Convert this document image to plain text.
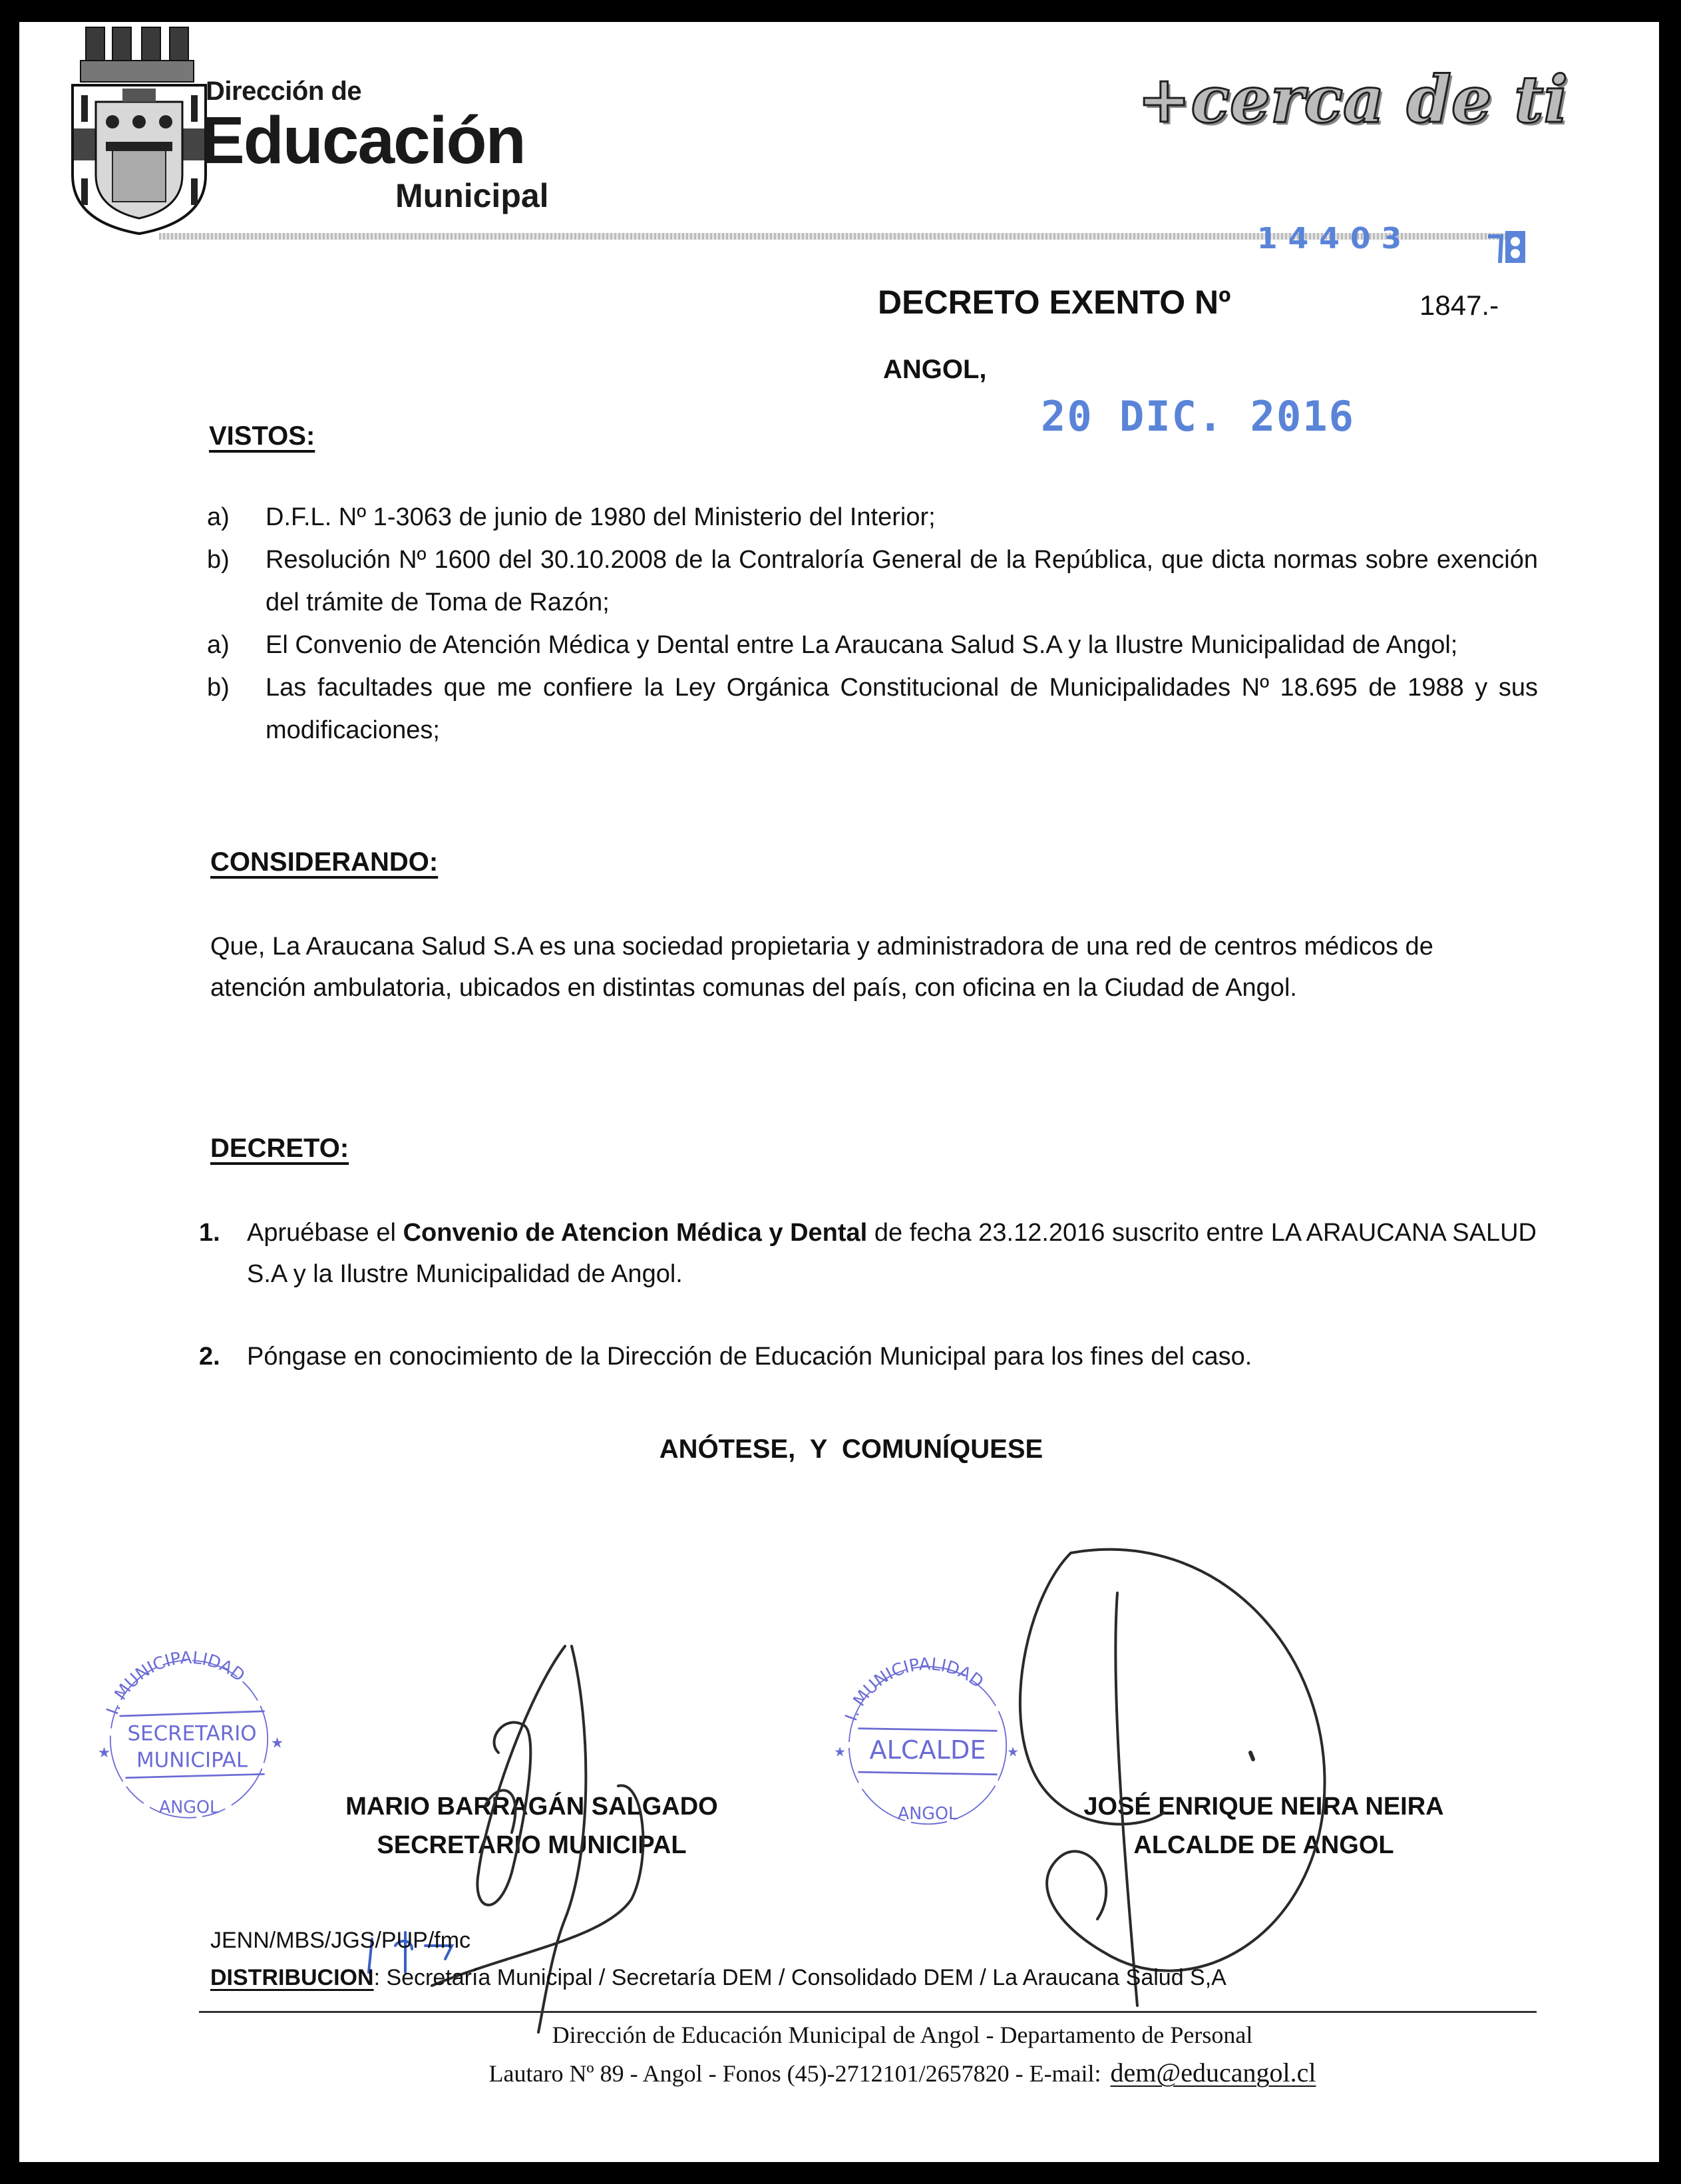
Dirección de
Educación
Municipal
+cerca de ti
14403
DECRETO EXENTO Nº	1847.-
ANGOL,
20 DIC. 2016
VISTOS:
a)	D.F.L. Nº 1-3063 de junio de 1980 del Ministerio del Interior;
b)	Resolución Nº 1600 del 30.10.2008 de la Contraloría General de la República, que dicta normas sobre exención del trámite de Toma de Razón;
a)	El Convenio de Atención Médica y Dental entre La Araucana Salud S.A y la Ilustre Municipalidad de Angol;
b)	Las facultades que me confiere la Ley Orgánica Constitucional de Municipalidades Nº 18.695 de 1988 y sus modificaciones;
CONSIDERANDO:
Que, La Araucana Salud S.A es una sociedad propietaria y administradora de una red de centros médicos de atención ambulatoria, ubicados en distintas comunas del país, con oficina en la Ciudad de Angol.
DECRETO:
1.	Apruébase el Convenio de Atencion Médica y Dental de fecha 23.12.2016 suscrito entre LA ARAUCANA SALUD S.A y la Ilustre Municipalidad de Angol.
2.	Póngase en conocimiento de la Dirección de Educación Municipal para los fines del caso.
ANÓTESE,  Y  COMUNÍQUESE
I. MUNICIPALIDAD
SECRETARIO
MUNICIPAL
★
★
ANGOL
I. MUNICIPALIDAD
ALCALDE
★	★
ANGOL
MARIO BARRAGÁN SALGADO
SECRETARIO MUNICIPAL
JOSÉ ENRIQUE NEIRA NEIRA
ALCALDE DE ANGOL
JENN/MBS/JGS/PUP/fmc
DISTRIBUCION: Secretaría Municipal / Secretaría DEM / Consolidado DEM / La Araucana Salud S,A
Dirección de Educación Municipal de Angol - Departamento de Personal
Lautaro Nº 89 - Angol - Fonos (45)-2712101/2657820 - E-mail: dem@educangol.cl
